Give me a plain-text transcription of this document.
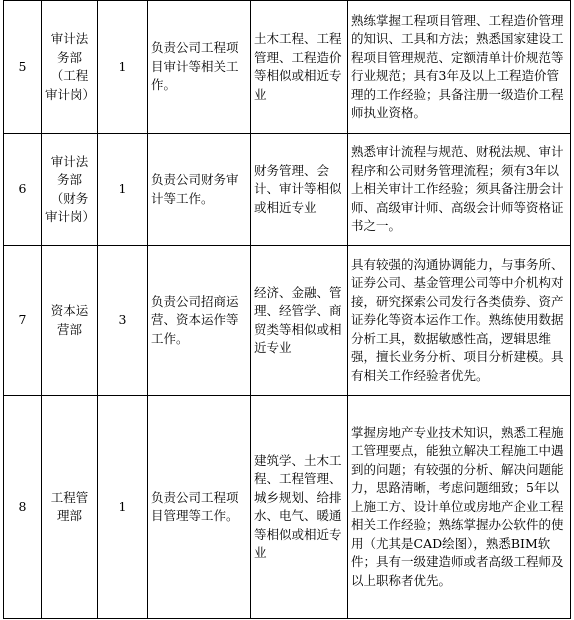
5	审计法务部（工程审计岗）	1	负责公司工程项目审计等相关工作。	土木工程、工程管理、工程造价等相似或相近专业	熟练掌握工程项目管理、工程造价管理的知识、工具和方法；熟悉国家建设工程项目管理规范、定额清单计价规范等行业规范；具有3年及以上工程造价管理的工作经验；具备注册一级造价工程师执业资格。
6	审计法务部（财务审计岗）	1	负责公司财务审计等工作。	财务管理、会计、审计等相似或相近专业	熟悉审计流程与规范、财税法规、审计程序和公司财务管理流程；须有3年以上相关审计工作经验；须具备注册会计师、高级审计师、高级会计师等资格证书之一。
7	资本运营部	3	负责公司招商运营、资本运作等工作。	经济、金融、管理、经管学、商贸类等相似或相近专业	具有较强的沟通协调能力，与事务所、证券公司、基金管理公司等中介机构对接，研究探索公司发行各类债券、资产证券化等资本运作工作。熟练使用数据分析工具，数据敏感性高，逻辑思维强，擅长业务分析、项目分析建模。具有相关工作经验者优先。
8	工程管理部	1	负责公司工程项目管理等工作。	建筑学、土木工程、工程管理、城乡规划、给排水、电气、暖通等相似或相近专业	掌握房地产专业技术知识，熟悉工程施工管理要点，能独立解决工程施工中遇到的问题；有较强的分析、解决问题能力，思路清晰，考虑问题细致；5年以上施工方、设计单位或房地产企业工程相关工作经验；熟练掌握办公软件的使用（尤其是CAD绘图），熟悉BIM软件；具有一级建造师或者高级工程师及以上职称者优先。
